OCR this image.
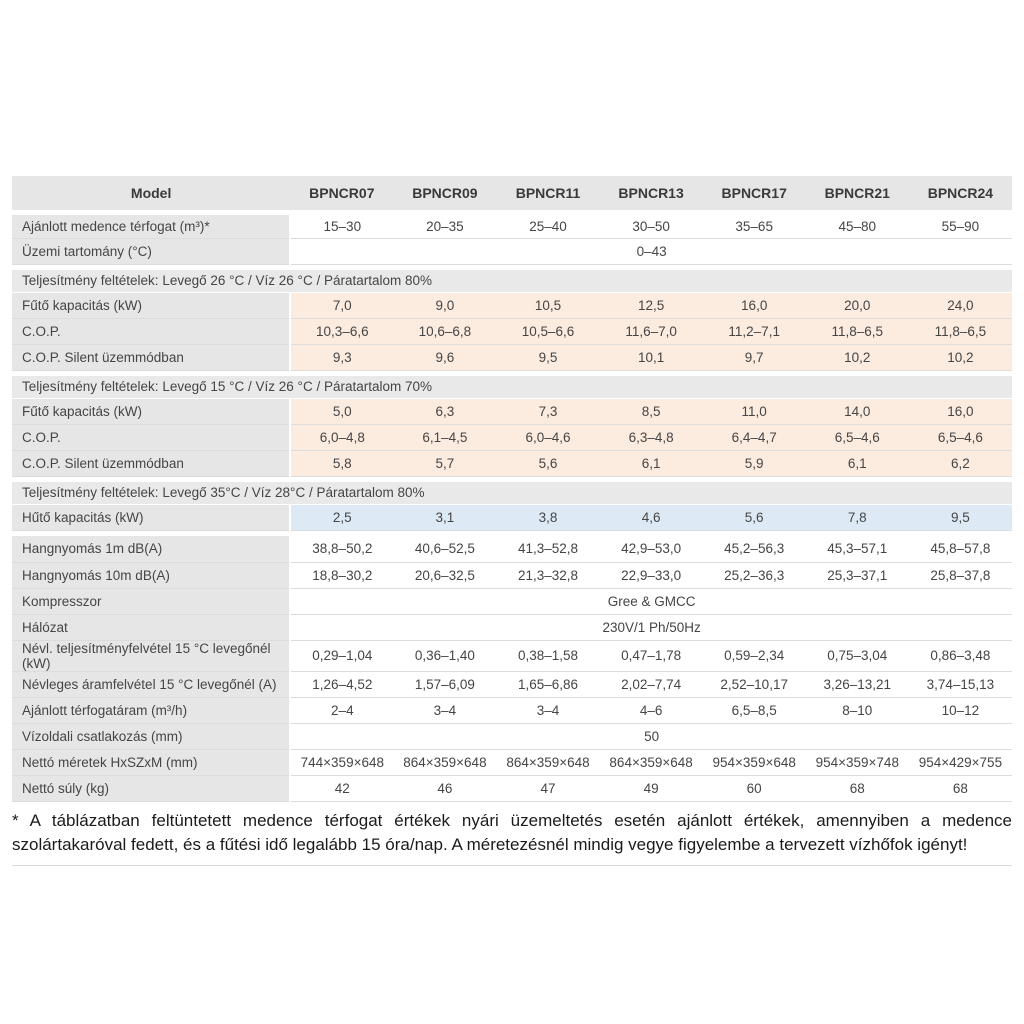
Model	BPNCR07	BPNCR09	BPNCR11	BPNCR13	BPNCR17	BPNCR21	BPNCR24
Ajánlott medence térfogat (m³)*	15–30	20–35	25–40	30–50	35–65	45–80	55–90
Üzemi tartomány (°C)	0–43						

Teljesítmény feltételek: Levegő 26 °C / Víz 26 °C / Páratartalom 80%							
Fűtő kapacitás (kW)	7,0	9,0	10,5	12,5	16,0	20,0	24,0
C.O.P.	10,3–6,6	10,6–6,8	10,5–6,6	11,6–7,0	11,2–7,1	11,8–6,5	11,8–6,5
C.O.P. Silent üzemmódban	9,3	9,6	9,5	10,1	9,7	10,2	10,2

Teljesítmény feltételek: Levegő 15 °C / Víz 26 °C / Páratartalom 70%							
Fűtő kapacitás (kW)	5,0	6,3	7,3	8,5	11,0	14,0	16,0
C.O.P.	6,0–4,8	6,1–4,5	6,0–4,6	6,3–4,8	6,4–4,7	6,5–4,6	6,5–4,6
C.O.P. Silent üzemmódban	5,8	5,7	5,6	6,1	5,9	6,1	6,2

Teljesítmény feltételek: Levegő 35°C / Víz 28°C / Páratartalom 80%							
Hűtő kapacitás (kW)	2,5	3,1	3,8	4,6	5,6	7,8	9,5

Hangnyomás 1m dB(A)	38,8–50,2	40,6–52,5	41,3–52,8	42,9–53,0	45,2–56,3	45,3–57,1	45,8–57,8
Hangnyomás 10m dB(A)	18,8–30,2	20,6–32,5	21,3–32,8	22,9–33,0	25,2–36,3	25,3–37,1	25,8–37,8
Kompresszor	Gree & GMCC						
Hálózat	230V/1 Ph/50Hz						
Névl. teljesítményfelvétel 15 °C levegőnél (kW)	0,29–1,04	0,36–1,40	0,38–1,58	0,47–1,78	0,59–2,34	0,75–3,04	0,86–3,48
Névleges áramfelvétel 15 °C levegőnél (A)	1,26–4,52	1,57–6,09	1,65–6,86	2,02–7,74	2,52–10,17	3,26–13,21	3,74–15,13
Ajánlott térfogatáram (m³/h)	2–4	3–4	3–4	4–6	6,5–8,5	8–10	10–12
Vízoldali csatlakozás (mm)	50						
Nettó méretek HxSZxM (mm)	744×359×648	864×359×648	864×359×648	864×359×648	954×359×648	954×359×748	954×429×755
Nettó súly (kg)	42	46	47	49	60	68	68

* A táblázatban feltüntetett medence térfogat értékek nyári üzemeltetés esetén ajánlott értékek, amennyiben a medence szolártakaróval fedett, és a fűtési idő legalább 15 óra/nap. A méretezésnél mindig vegye figyelembe a tervezett vízhőfok igényt!
